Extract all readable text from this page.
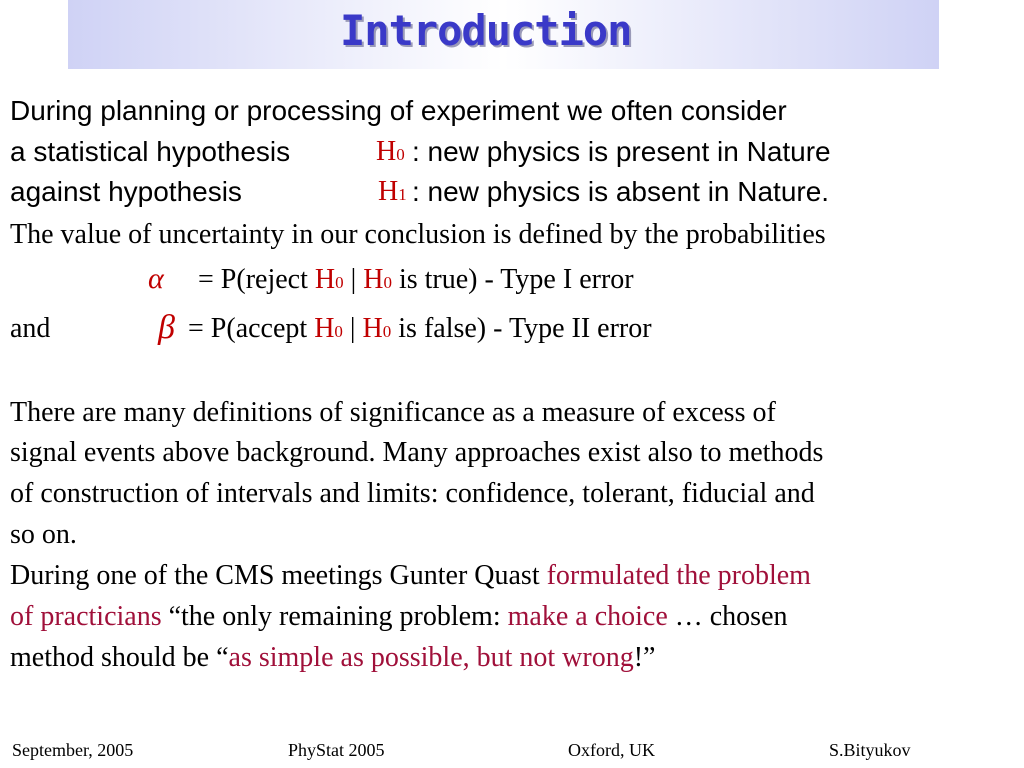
Introduction
During planning or processing of experiment we often consider
a statistical hypothesis	H0 : new physics is present in Nature
against hypothesis	H1 : new physics is absent in Nature.
The value of uncertainty in our conclusion is defined by the probabilities
α = P(reject H0 | H0 is true) - Type I error
and	β = P(accept H0 | H0 is false) - Type II error
There are many definitions of significance as a measure of excess of
signal events above background. Many approaches exist also to methods
of construction of intervals and limits: confidence, tolerant, fiducial and
so on.
During one of the CMS meetings Gunter Quast formulated the problem
of practicians “the only remaining problem: make a choice … chosen
method should be “as simple as possible, but not wrong!”
September, 2005	PhyStat 2005	Oxford, UK	S.Bityukov
